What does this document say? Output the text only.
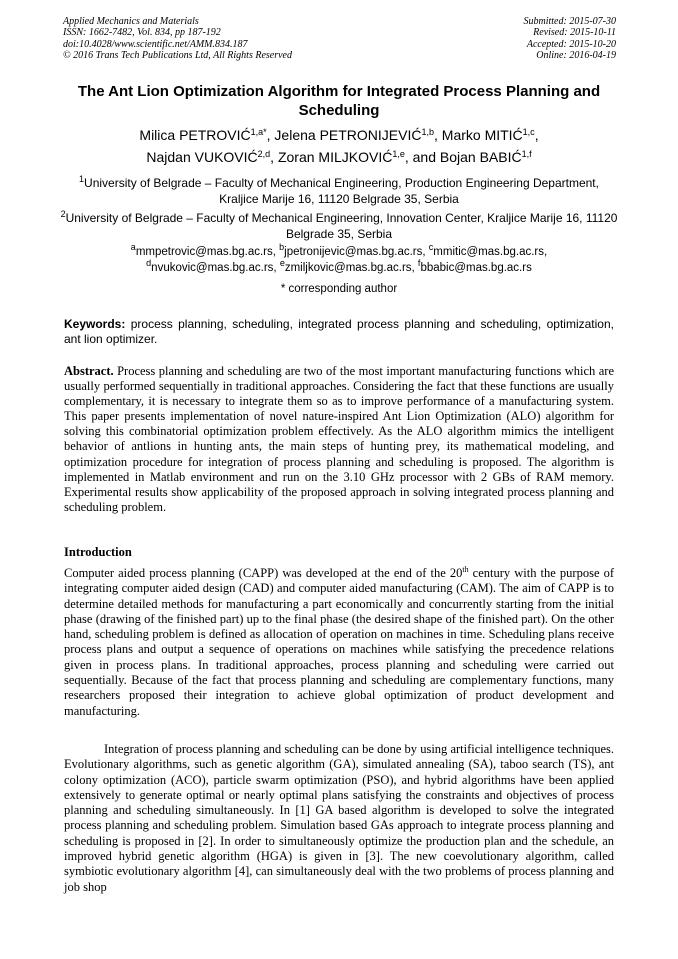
Applied Mechanics and Materials
ISSN: 1662-7482, Vol. 834, pp 187-192
doi:10.4028/www.scientific.net/AMM.834.187
© 2016 Trans Tech Publications Ltd, All Rights Reserved
Submitted: 2015-07-30
Revised: 2015-10-11
Accepted: 2015-10-20
Online: 2016-04-19
The Ant Lion Optimization Algorithm for Integrated Process Planning and Scheduling
Milica $PETROVIĆ^{1,a*}$, Jelena PETRONIJEVIĆ$^{1,b}$, Marko MITIĆ$^{1,c}$,
Najdan VUKOVIĆ$^{2,d}$, Zoran MILJKOVIĆ$^{1,e}$, and Bojan BABIĆ$^{1,f}$
$^1$University of Belgrade – Faculty of Mechanical Engineering, Production Engineering Department, Kraljice Marije 16, 11120 Belgrade 35, Serbia
$^2$University of Belgrade – Faculty of Mechanical Engineering, Innovation Center, Kraljice Marije 16, 11120 Belgrade 35, Serbia
$^a$mmpetrovic@mas.bg.ac.rs, $^b$jpetronijevic@mas.bg.ac.rs, $^c$mmitic@mas.bg.ac.rs,
$^d$nvukovic@mas.bg.ac.rs, $^e$zmiljkovic@mas.bg.ac.rs, $^f$bbabic@mas.bg.ac.rs
* corresponding author
Keywords: process planning, scheduling, integrated process planning and scheduling, optimization, ant lion optimizer.
Abstract. Process planning and scheduling are two of the most important manufacturing functions which are usually performed sequentially in traditional approaches. Considering the fact that these functions are usually complementary, it is necessary to integrate them so as to improve performance of a manufacturing system. This paper presents implementation of novel nature-inspired Ant Lion Optimization (ALO) algorithm for solving this combinatorial optimization problem effectively. As the ALO algorithm mimics the intelligent behavior of antlions in hunting ants, the main steps of hunting prey, its mathematical modeling, and optimization procedure for integration of process planning and scheduling is proposed. The algorithm is implemented in Matlab environment and run on the 3.10 GHz processor with 2 GBs of RAM memory. Experimental results show applicability of the proposed approach in solving integrated process planning and scheduling problem.
Introduction
Computer aided process planning (CAPP) was developed at the end of the 20th century with the purpose of integrating computer aided design (CAD) and computer aided manufacturing (CAM). The aim of CAPP is to determine detailed methods for manufacturing a part economically and concurrently starting from the initial phase (drawing of the finished part) up to the final phase (the desired shape of the finished part). On the other hand, scheduling problem is defined as allocation of operation on machines in time. Scheduling plans receive process plans and output a sequence of operations on machines while satisfying the precedence relations given in process plans. In traditional approaches, process planning and scheduling were carried out sequentially. Because of the fact that process planning and scheduling are complementary functions, many researchers proposed their integration to achieve global optimization of product development and manufacturing.
Integration of process planning and scheduling can be done by using artificial intelligence techniques. Evolutionary algorithms, such as genetic algorithm (GA), simulated annealing (SA), taboo search (TS), ant colony optimization (ACO), particle swarm optimization (PSO), and hybrid algorithms have been applied extensively to generate optimal or nearly optimal plans satisfying the constraints and objectives of process planning and scheduling simultaneously. In [1] GA based algorithm is developed to solve the integrated process planning and scheduling problem. Simulation based GAs approach to integrate process planning and scheduling is proposed in [2]. In order to simultaneously optimize the production plan and the schedule, an improved hybrid genetic algorithm (HGA) is given in [3]. The new coevolutionary algorithm, called symbiotic evolutionary algorithm [4], can simultaneously deal with the two problems of process planning and job shop
